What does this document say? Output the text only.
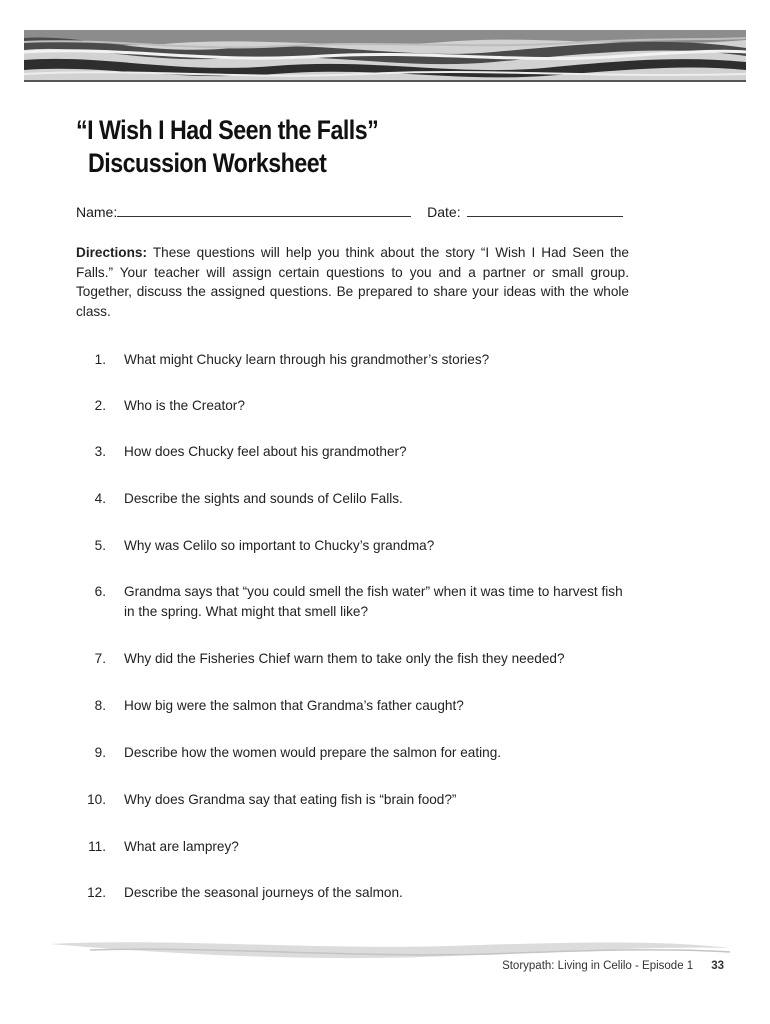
“I Wish I Had Seen the Falls”
Discussion Worksheet
Name:	Date:
Directions: These questions will help you think about the story “I Wish I Had Seen the Falls.” Your teacher will assign certain questions to you and a partner or small group. Together, discuss the assigned questions. Be prepared to share your ideas with the whole class.
1. What might Chucky learn through his grandmother’s stories?
2. Who is the Creator?
3. How does Chucky feel about his grandmother?
4. Describe the sights and sounds of Celilo Falls.
5. Why was Celilo so important to Chucky’s grandma?
6. Grandma says that “you could smell the fish water” when it was time to harvest fish in the spring. What might that smell like?
7. Why did the Fisheries Chief warn them to take only the fish they needed?
8. How big were the salmon that Grandma’s father caught?
9. Describe how the women would prepare the salmon for eating.
10. Why does Grandma say that eating fish is “brain food?”
11. What are lamprey?
12. Describe the seasonal journeys of the salmon.
Storypath: Living in Celilo - Episode 1 33
